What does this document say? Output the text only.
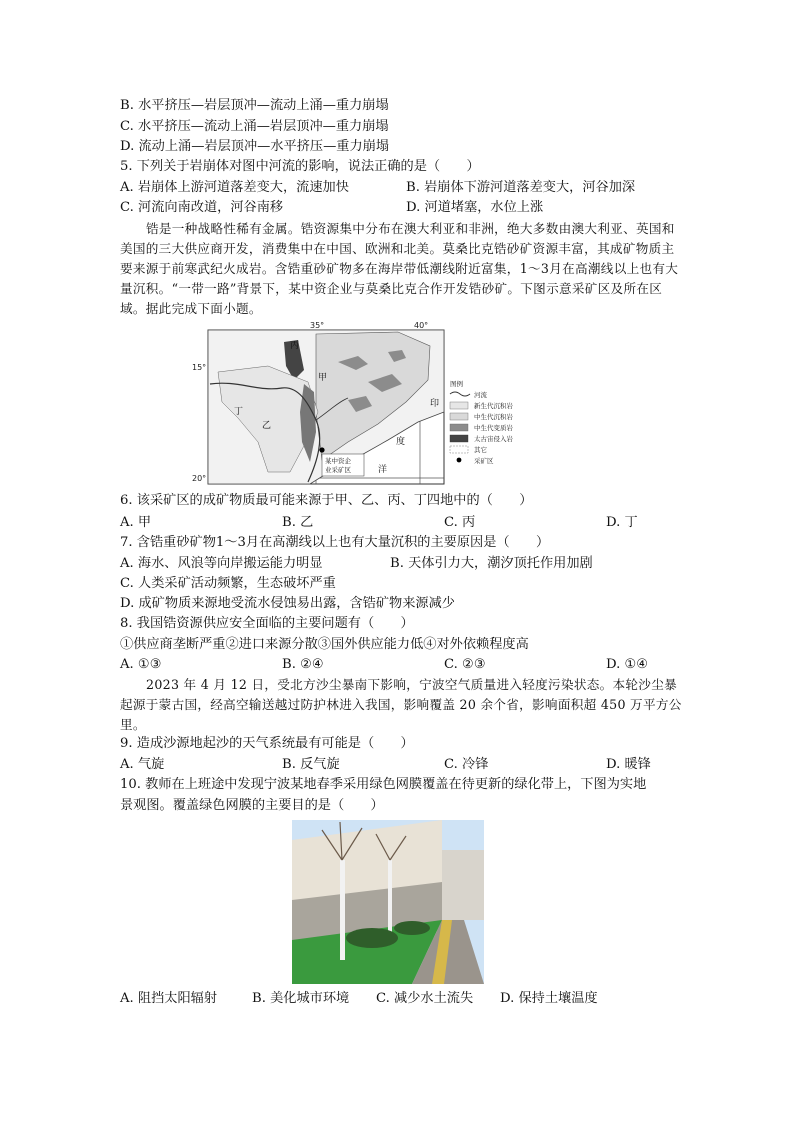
B. 水平挤压—岩层顶冲—流动上涌—重力崩塌
C. 水平挤压—流动上涌—岩层顶冲—重力崩塌
D. 流动上涌—岩层顶冲—水平挤压—重力崩塌
5. 下列关于岩崩体对图中河流的影响，说法正确的是（　　）
A. 岩崩体上游河道落差变大，流速加快	B. 岩崩体下游河道落差变大，河谷加深
C. 河流向南改道，河谷南移	D. 河道堵塞，水位上涨
锆是一种战略性稀有金属。锆资源集中分布在澳大利亚和非洲，绝大多数由澳大利亚、英国和美国的三大供应商开发，消费集中在中国、欧洲和北美。莫桑比克锆砂矿资源丰富，其成矿物质主要来源于前寒武纪火成岩。含锆重砂矿物多在海岸带低潮线附近富集，1～3月在高潮线以上也有大量沉积。“一带一路”背景下，某中资企业与莫桑比克合作开发锆砂矿。下图示意采矿区及所在区域。据此完成下面小题。
35°	40°
15°
20°
甲
乙
丙
丁
印
度
洋
某中资企
业采矿区
图例
河流
新生代沉积岩
中生代沉积岩
中生代变质岩
太古宙侵入岩
其它
采矿区
6. 该采矿区的成矿物质最可能来源于甲、乙、丙、丁四地中的（　　）
A. 甲	B. 乙	C. 丙	D. 丁
7. 含锆重砂矿物1～3月在高潮线以上也有大量沉积的主要原因是（　　）
A. 海水、风浪等向岸搬运能力明显	B. 天体引力大，潮汐顶托作用加剧
C. 人类采矿活动频繁，生态破坏严重
D. 成矿物质来源地受流水侵蚀易出露，含锆矿物来源减少
8. 我国锆资源供应安全面临的主要问题有（　　）
①供应商垄断严重②进口来源分散③国外供应能力低④对外依赖程度高
A. ①③	B. ②④	C. ②③	D. ①④
2023 年 4 月 12 日，受北方沙尘暴南下影响，宁波空气质量进入轻度污染状态。本轮沙尘暴起源于蒙古国，经高空输送越过防护林进入我国，影响覆盖 20 余个省，影响面积超 450 万平方公里。
9. 造成沙源地起沙的天气系统最有可能是（　　）
A. 气旋	B. 反气旋	C. 冷锋	D. 暖锋
10. 教师在上班途中发现宁波某地春季采用绿色网膜覆盖在待更新的绿化带上，下图为实地
景观图。覆盖绿色网膜的主要目的是（　　）
A. 阻挡太阳辐射	B. 美化城市环境 C. 减少水土流失 D. 保持土壤温度
